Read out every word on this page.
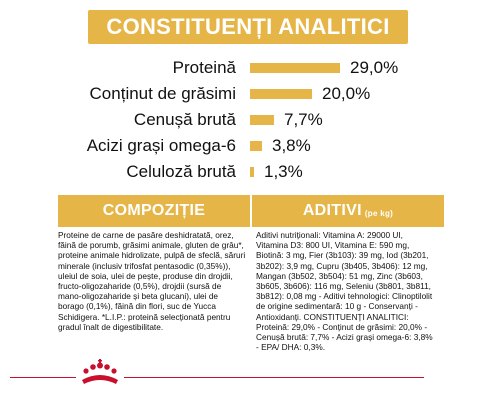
CONSTITUENȚI ANALITICI
Proteină	29,0%
Conținut de grăsimi	20,0%
Cenușă brută	7,7%
Acizi grași omega-6 3,8%
Celuloză brută 1,3%
COMPOZIȚIE	ADITIVI (pe kg)
Proteine de carne de pasăre deshidratată, orez, făină de porumb, grăsimi animale, gluten de grâu*, proteine animale hidrolizate, pulpă de sfeclă, săruri minerale (inclusiv trifosfat pentasodic (0,35%)), uleiul de soia, ulei de pește, produse din drojdii, fructo-oligozaharide (0,5%), drojdii (sursă de mano-oligozaharide și beta glucani), ulei de borago (0,1%), făină din flori, suc de Yucca Schidigera. *L.I.P.: proteină selecționată pentru gradul înalt de digestibilitate.
Aditivi nutriționali: Vitamina A: 29000 UI, Vitamina D3: 800 UI, Vitamina E: 590 mg, Biotină: 3 mg, Fier (3b103): 39 mg, Iod (3b201, 3b202): 3,9 mg, Cupru (3b405, 3b406): 12 mg, Mangan (3b502, 3b504): 51 mg, Zinc (3b603, 3b605, 3b606): 116 mg, Seleniu (3b801, 3b811, 3b812): 0,08 mg - Aditivi tehnologici: Clinoptilolit de origine sedimentară: 10 g - Conservanți - Antioxidanți. CONSTITUENȚI ANALITICI: Proteină: 29,0% - Conținut de grăsimi: 20,0% - Cenușă brută: 7,7% - Acizi grași omega-6: 3,8% - EPA/ DHA: 0,3%.
